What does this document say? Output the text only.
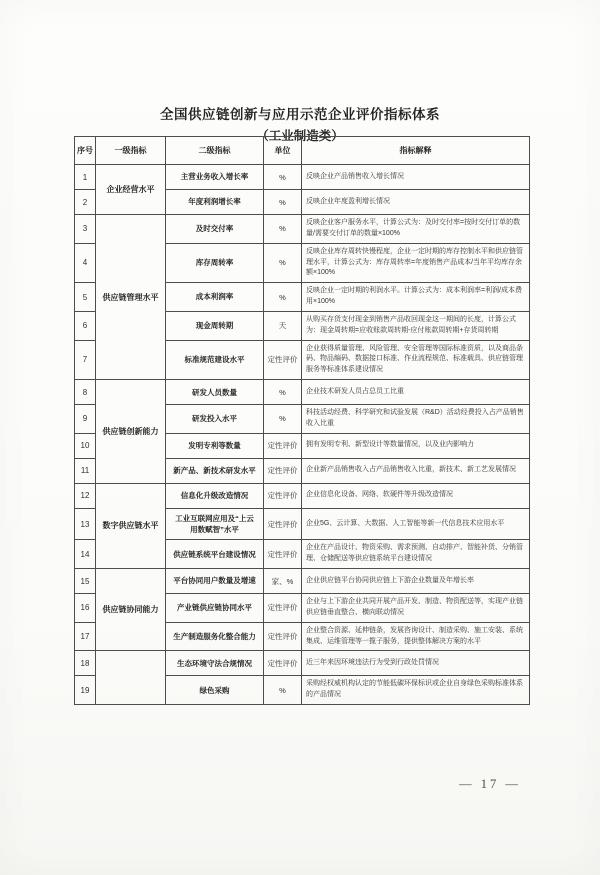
全国供应链创新与应用示范企业评价指标体系
（工业制造类）
序号	一级指标	二级指标	单位	指标解释
1	企业经营水平	主营业务收入增长率	%	反映企业产品销售收入增长情况
2		年度利润增长率	%	反映企业年度盈利增长情况
3	供应链管理水平	及时交付率	%	反映企业客户服务水平，计算公式为：及时交付率=按时交付订单的数量/需要交付订单的数量×100%
4		库存周转率	%	反映企业库存周转快慢程度，企业一定时期的库存控制水平和供应链管理水平，计算公式为：库存周转率=年度销售产品成本/当年平均库存余额×100%
5		成本利润率	%	反映企业一定时期的利润水平。计算公式为：成本利润率=利润/成本费用×100%
6		现金周转期	天	从购买存货支付现金到销售产品收回现金这一期间的长度，计算公式为：现金周转期=应收账款周转期-应付账款周转期+存货周转期
7		标准规范建设水平	定性评价	企业获得质量管理、风险管理、安全管理等国际标准资质，以及商品条码、物品编码、数据接口标准、作业流程规范、标准载具、供应链管理服务等标准体系建设情况
8	供应链创新能力	研发人员数量	%	企业技术研发人员占总员工比重
9		研发投入水平	%	科技活动经费、科学研究和试验发展（R&D）活动经费投入占产品销售收入比重
10		发明专利等数量	定性评价	拥有发明专利、新型设计等数量情况，以及业内影响力
11		新产品、新技术研发水平	定性评价	企业新产品销售收入占产品销售收入比重，新技术、新工艺发展情况
12	数字供应链水平	信息化升级改造情况	定性评价	企业信息化设备、网络、软硬件等升级改造情况
13		工业互联网应用及“上云用数赋智”水平	定性评价	企业5G、云计算、大数据、人工智能等新一代信息技术应用水平
14		供应链系统平台建设情况	定性评价	企业在产品设计、物资采购、需求预测、自动排产、智能补货、分销管理、仓储配送等供应链系统平台建设情况
15	供应链协同能力	平台协同用户数量及增速	家、%	企业供应链平台协同供应链上下游企业数量及年增长率
16		产业链供应链协同水平	定性评价	企业与上下游企业共同开展产品开发、制造、物资配送等，实现产业链供应链垂直整合、横向联动情况
17		生产制造服务化整合能力	定性评价	企业整合资源、延伸链条，发展咨询设计、制造采购、施工安装、系统集成、运维管理等一揽子服务，提供整体解决方案的水平
18		生态环境守法合规情况	定性评价	近三年来因环境违法行为受到行政处罚情况
19		绿色采购	%	采购经权威机构认定的节能低碳环保标识或企业自身绿色采购标准体系的产品情况
— 17 —
